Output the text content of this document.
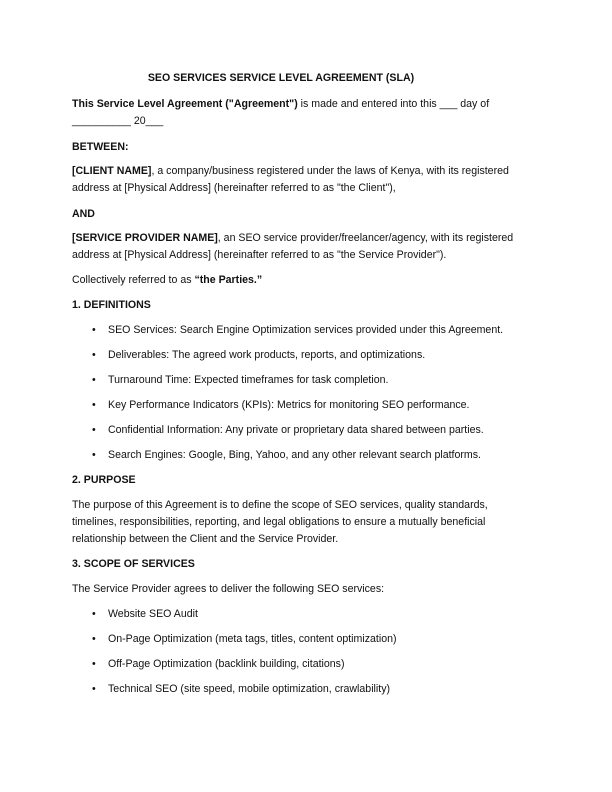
SEO SERVICES SERVICE LEVEL AGREEMENT (SLA)
This Service Level Agreement ("Agreement") is made and entered into this ___ day of
__________ 20___
BETWEEN:
[CLIENT NAME], a company/business registered under the laws of Kenya, with its registered
address at [Physical Address] (hereinafter referred to as "the Client"),
AND
[SERVICE PROVIDER NAME], an SEO service provider/freelancer/agency, with its registered
address at [Physical Address] (hereinafter referred to as "the Service Provider").
Collectively referred to as “the Parties.”
1. DEFINITIONS
• SEO Services: Search Engine Optimization services provided under this Agreement.
• Deliverables: The agreed work products, reports, and optimizations.
• Turnaround Time: Expected timeframes for task completion.
• Key Performance Indicators (KPIs): Metrics for monitoring SEO performance.
• Confidential Information: Any private or proprietary data shared between parties.
• Search Engines: Google, Bing, Yahoo, and any other relevant search platforms.
2. PURPOSE
The purpose of this Agreement is to define the scope of SEO services, quality standards,
timelines, responsibilities, reporting, and legal obligations to ensure a mutually beneficial
relationship between the Client and the Service Provider.
3. SCOPE OF SERVICES
The Service Provider agrees to deliver the following SEO services:
• Website SEO Audit
• On-Page Optimization (meta tags, titles, content optimization)
• Off-Page Optimization (backlink building, citations)
• Technical SEO (site speed, mobile optimization, crawlability)
